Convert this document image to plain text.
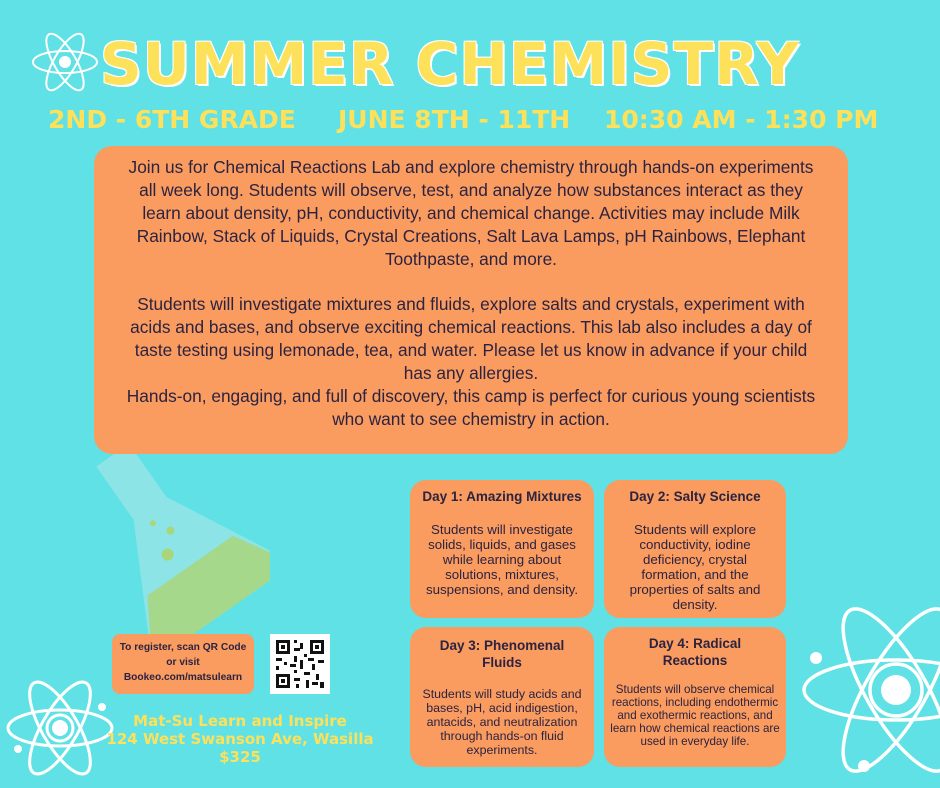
SUMMER CHEMISTRY
2ND - 6TH GRADE JUNE 8TH - 11TH 10:30 AM - 1:30 PM

Join us for Chemical Reactions Lab and explore chemistry through hands-on experiments all week long. Students will observe, test, and analyze how substances interact as they learn about density, pH, conductivity, and chemical change. Activities may include Milk Rainbow, Stack of Liquids, Crystal Creations, Salt Lava Lamps, pH Rainbows, Elephant Toothpaste, and more.

Students will investigate mixtures and fluids, explore salts and crystals, experiment with acids and bases, and observe exciting chemical reactions. This lab also includes a day of taste testing using lemonade, tea, and water. Please let us know in advance if your child has any allergies.

Hands-on, engaging, and full of discovery, this camp is perfect for curious young scientists who want to see chemistry in action.

Day 1: Amazing Mixtures
Students will investigate solids, liquids, and gases while learning about solutions, mixtures, suspensions, and density.
Day 2: Salty Science
Students will explore conductivity, iodine deficiency, crystal formation, and the properties of salts and density.
Day 3: Phenomenal Fluids
Students will study acids and bases, pH, acid indigestion, antacids, and neutralization through hands-on fluid experiments.
Day 4: Radical Reactions
Students will observe chemical reactions, including endothermic and exothermic reactions, and learn how chemical reactions are used in everyday life.
To register, scan QR Code or visit Bookeo.com/matsulearn
Mat-Su Learn and Inspire
124 West Swanson Ave, Wasilla
$325
